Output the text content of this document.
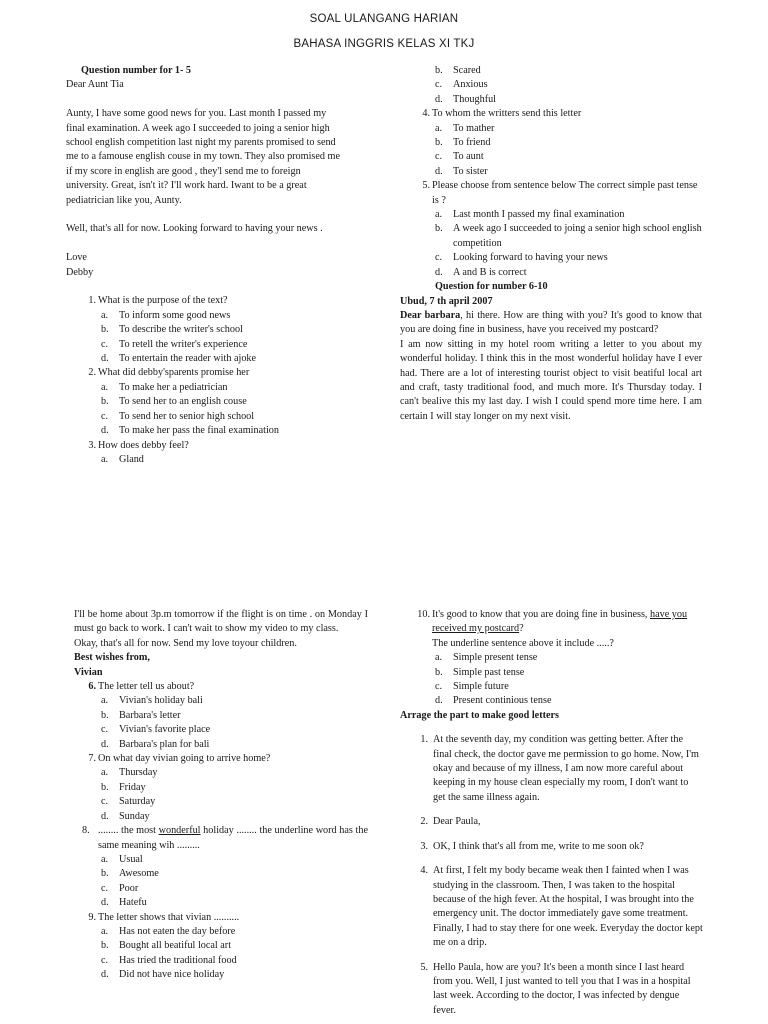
SOAL ULANGANG HARIAN
BAHASA INGGRIS KELAS XI TKJ
Question number for 1- 5
Dear Aunt Tia
Aunty, I have some good news for you. Last month I passed my
final examination. A week ago I succeeded to joing a senior high
school english competition last night my parents promised to send
me to a famouse english couse in my town. They also promised me
if my score in english are good , they'l send me to foreign
university. Great, isn't it? I'll work hard. Iwant to be a great
pediatrician like you, Aunty.
Well, that's all for now. Looking forward to having your news .
Love
Debby
1. What is the purpose of the text?
a. To inform some good news
b. To describe the writer's school
c. To retell the writer's experience
d. To entertain the reader with ajoke
2. What did debby'sparents promise her
a. To make her a pediatrician
b. To send her to an english couse
c. To send her to senior high school
d. To make her pass the final examination
3. How does debby feel?
a. Gland
b. Scared
c. Anxious
d. Thoughful
4. To whom the writters send this letter
a. To mather
b. To friend
c. To aunt
d. To sister
5. Please choose from sentence below The correct simple past tense is ?
a. Last month I passed my final examination
b. A week ago I succeeded to joing a senior high school english competition
c. Looking forward to having your news
d. A and B is correct
Question for number 6-10
Ubud, 7 th april 2007
Dear barbara, hi there. How are thing with you? It's good to know that you are doing fine in business, have you received my postcard?
I am now sitting in my hotel room writing a letter to you about my wonderful holiday. I think this in the most wonderful holiday have I ever had. There are a lot of interesting tourist object to visit beatiful local art and craft, tasty traditional food, and much more. It's Thursday today. I can't bealive this my last day. I wish I could spend more time here. I am certain I will stay longer on my next visit.
I'll be home about 3p.m tomorrow if the flight is on time . on Monday I must go back to work. I can't wait to show my video to my class.
Okay, that's all for now. Send my love toyour children.
Best wishes from,
Vivian
6. The letter tell us about?
a. Vivian's holiday bali
b. Barbara's letter
c. Vivian's favorite place
d. Barbara's plan for bali
7. On what day vivian going to arrive home?
a. Thursday
b. Friday
c. Saturday
d. Sunday
8. ........ the most wonderful holiday ........ the underline word has the same meaning wih .........
a. Usual
b. Awesome
c. Poor
d. Hatefu
9. The letter shows that vivian ..........
a. Has not eaten the day before
b. Bought all beatiful local art
c. Has tried the traditional food
d. Did not have nice holiday
10. It's good to know that you are doing fine in business, have you received my postcard?
The underline sentence above it include .....?
a. Simple present tense
b. Simple past tense
c. Simple future
d. Present continious tense
Arrage the part to make good letters
1. At the seventh day, my condition was getting better. After the final check, the doctor gave me permission to go home. Now, I'm okay and because of my illness, I am now more careful about keeping in my house clean especially my room, I don't want to get the same illness again.
2. Dear Paula,
3. OK, I think that's all from me, write to me soon ok?
4. At first, I felt my body became weak then I fainted when I was studying in the classroom. Then, I was taken to the hospital because of the high fever. At the hospital, I was brought into the emergency unit. The doctor immediately gave some treatment. Finally, I had to stay there for one week. Everyday the doctor kept me on a drip.
5. Hello Paula, how are you? It's been a month since I last heard from you. Well, I just wanted to tell you that I was in a hospital last week. According to the doctor, I was infected by dengue fever.
